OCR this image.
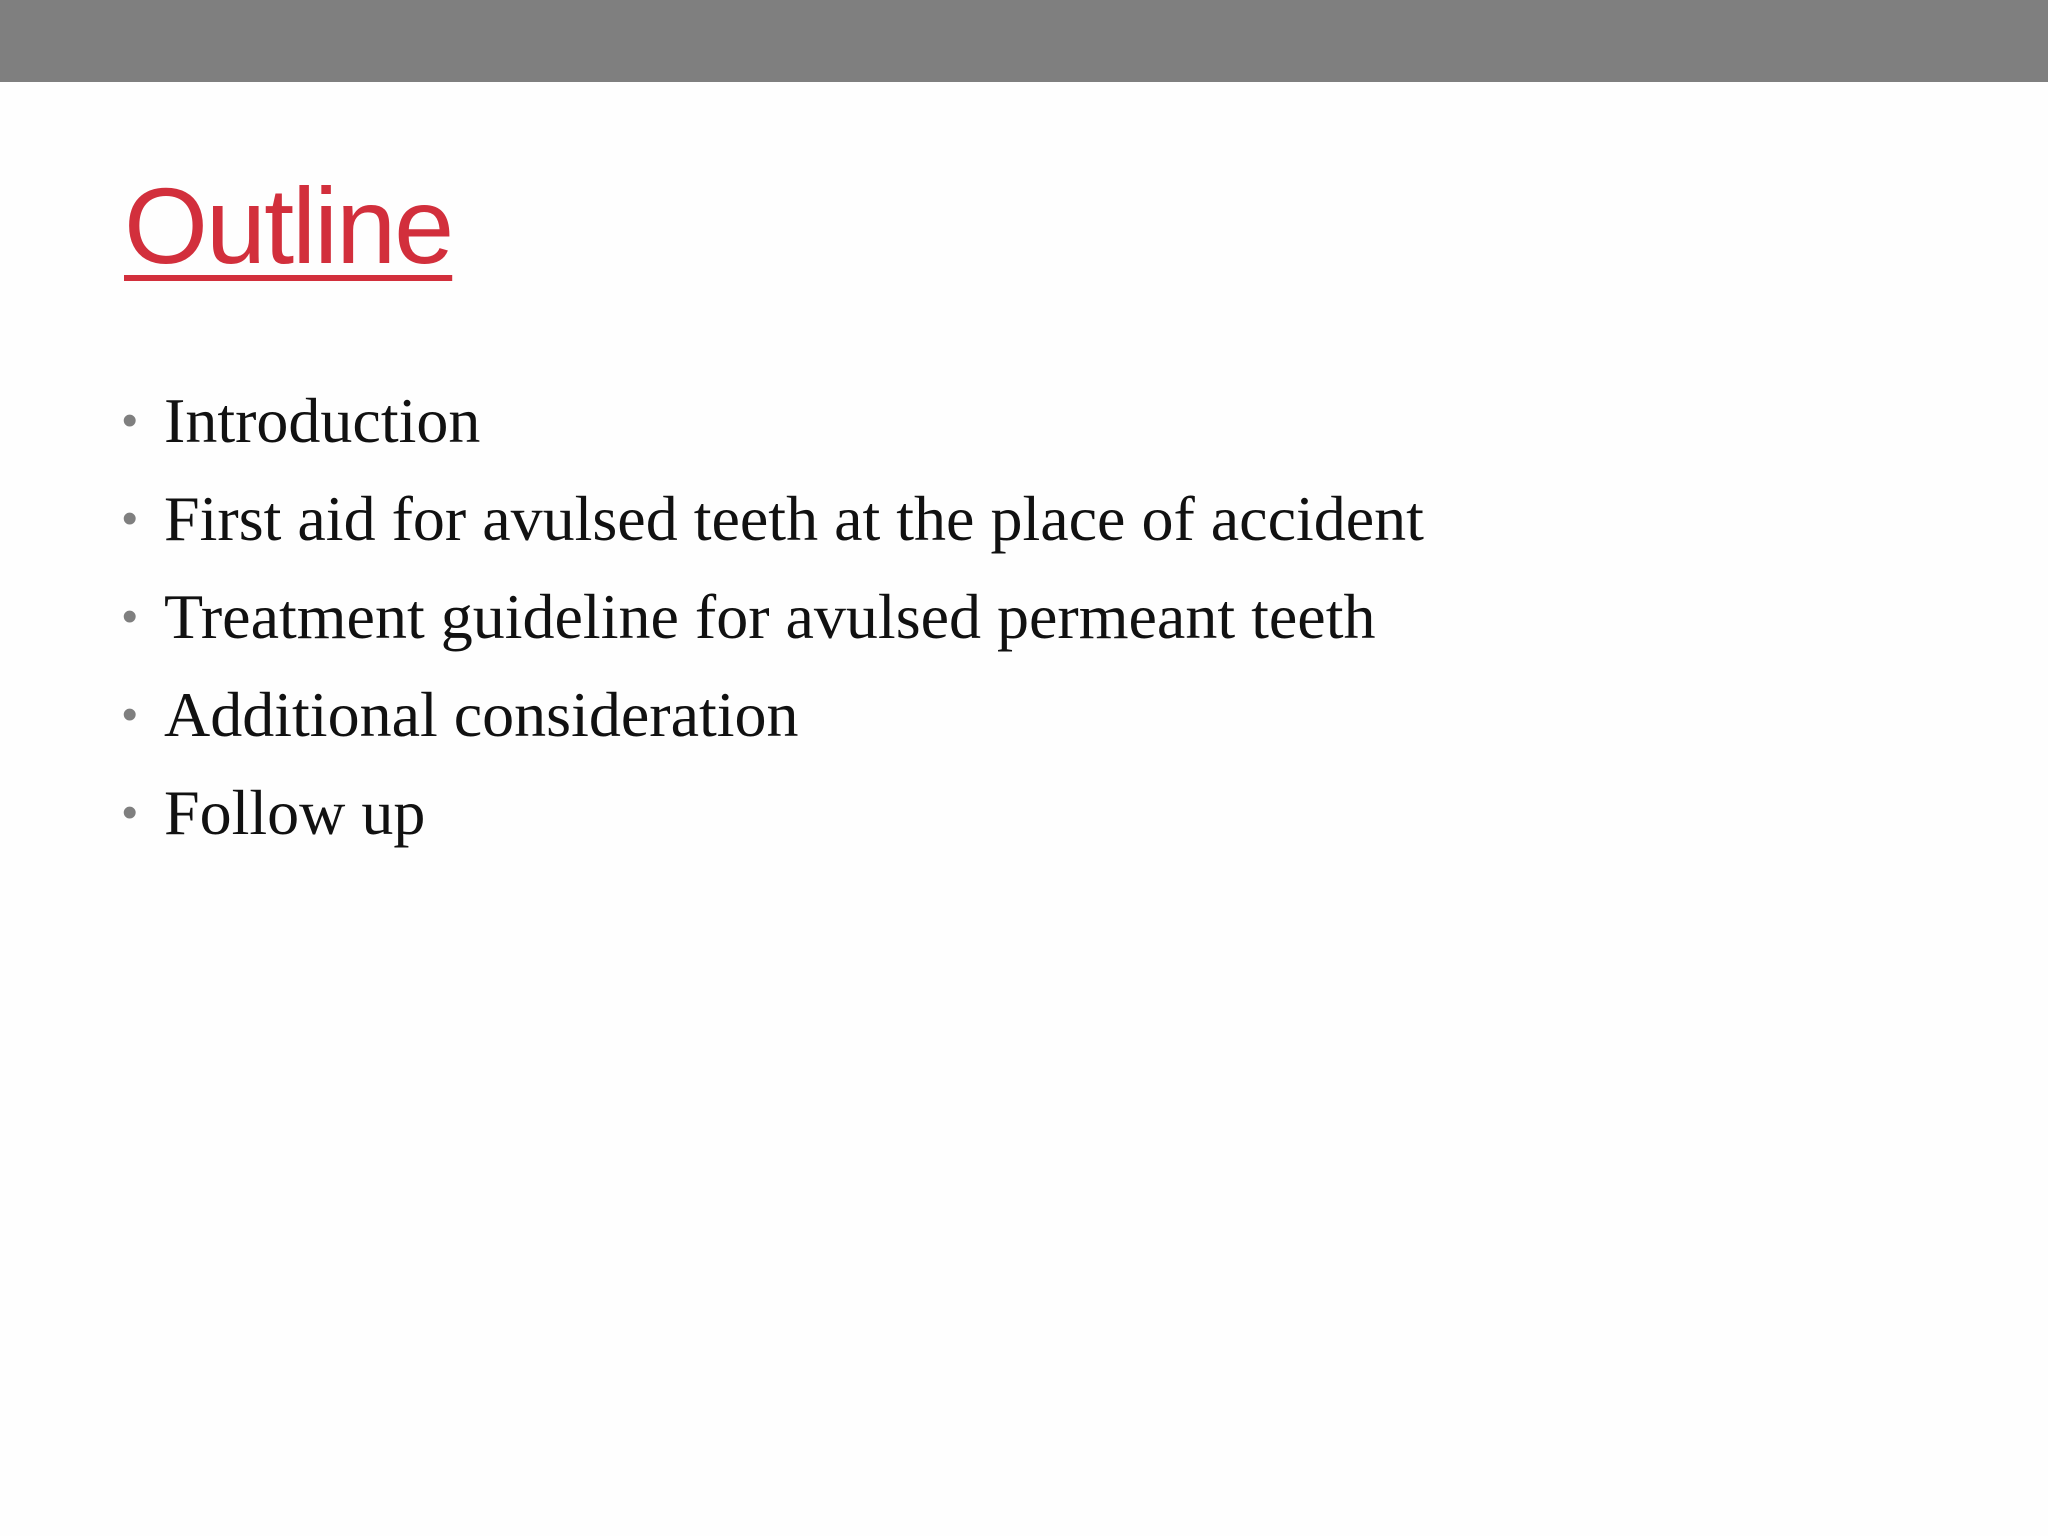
Outline
• Introduction
• First aid for avulsed teeth at the place of accident
• Treatment guideline for avulsed permeant teeth
• Additional consideration
• Follow up
